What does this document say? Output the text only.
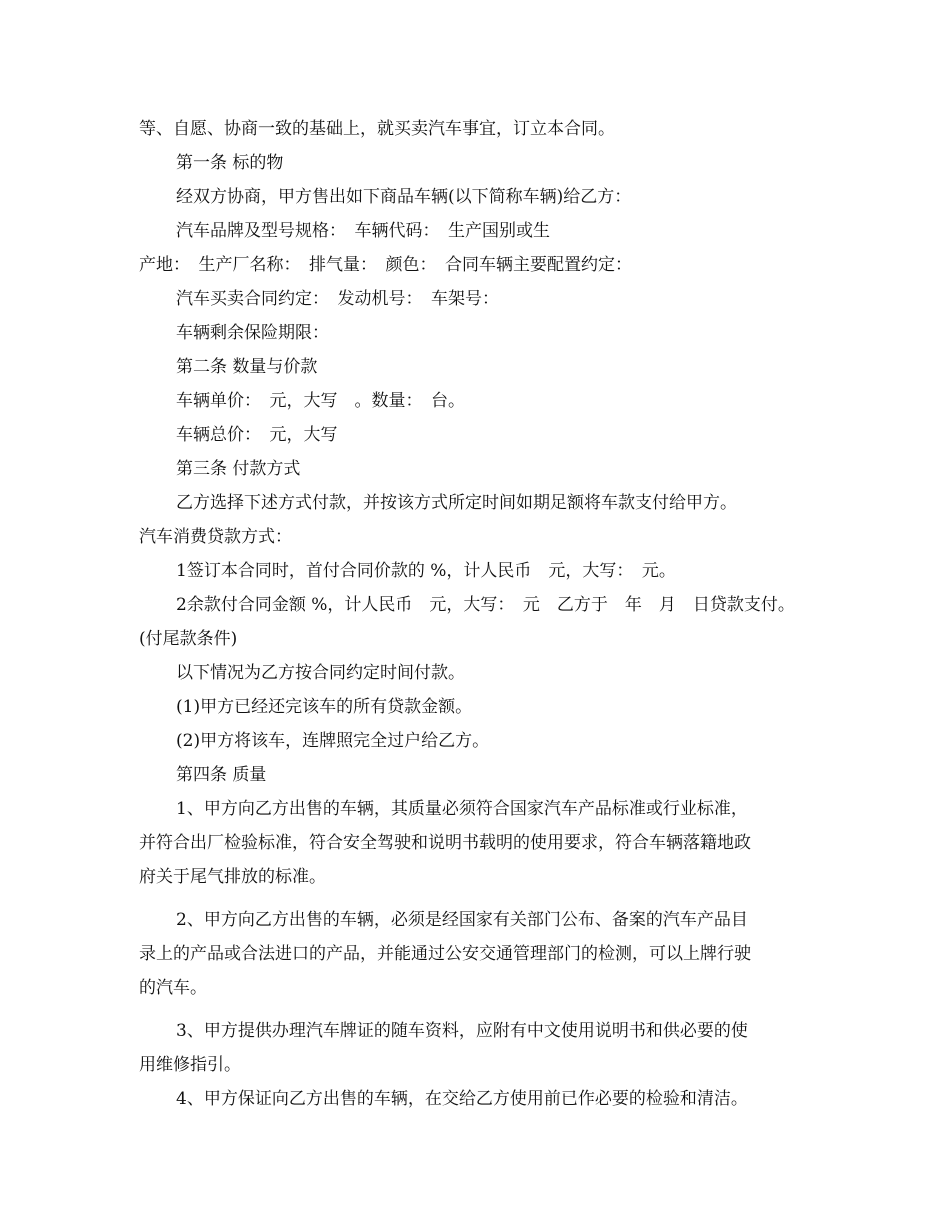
等、自愿、协商一致的基础上，就买卖汽车事宜，订立本合同。

第一条 标的物

经双方协商，甲方售出如下商品车辆(以下简称车辆)给乙方：

汽车品牌及型号规格：　车辆代码：　生产国别或生

产地：　生产厂名称：　排气量：　颜色：　合同车辆主要配置约定：

汽车买卖合同约定：　发动机号：　车架号：

车辆剩余保险期限：

第二条 数量与价款

车辆单价：　元，大写　。数量：　台。

车辆总价：　元，大写

第三条 付款方式

乙方选择下述方式付款，并按该方式所定时间如期足额将车款支付给甲方。

汽车消费贷款方式：

1签订本合同时，首付合同价款的 %，计人民币　元，大写：　元。

2余款付合同金额 %，计人民币　元，大写：　元　乙方于　年　月　日贷款支付。

(付尾款条件)

以下情况为乙方按合同约定时间付款。

(1)甲方已经还完该车的所有贷款金额。

(2)甲方将该车，连牌照完全过户给乙方。

第四条 质量

1、甲方向乙方出售的车辆，其质量必须符合国家汽车产品标准或行业标准，

并符合出厂检验标准，符合安全驾驶和说明书载明的使用要求，符合车辆落籍地政

府关于尾气排放的标准。

2、甲方向乙方出售的车辆，必须是经国家有关部门公布、备案的汽车产品目

录上的产品或合法进口的产品，并能通过公安交通管理部门的检测，可以上牌行驶

的汽车。

3、甲方提供办理汽车牌证的随车资料，应附有中文使用说明书和供必要的使

用维修指引。

4、甲方保证向乙方出售的车辆，在交给乙方使用前已作必要的检验和清洁。
